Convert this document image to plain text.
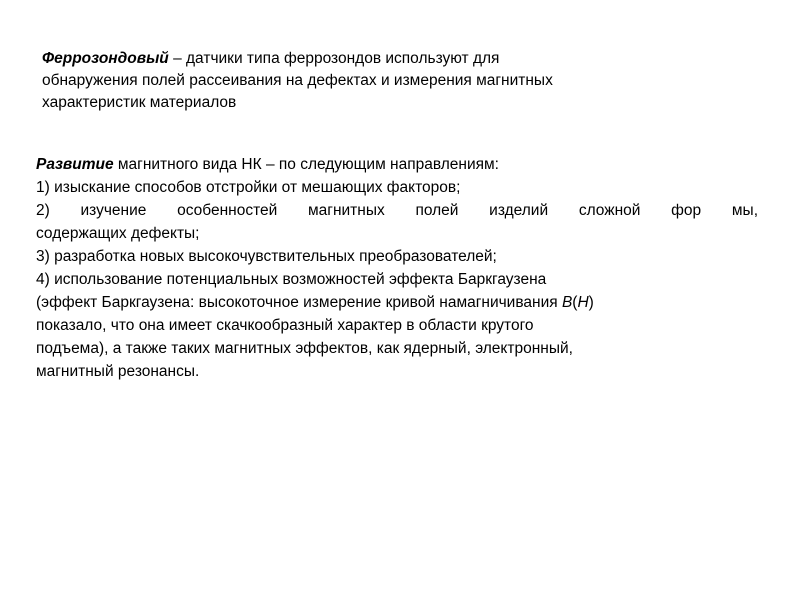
Феррозондовый – датчики типа феррозондов используют для
обнаружения полей рассеивания на дефектах и измерения магнитных
характеристик материалов

Развитие магнитного вида НК – по следующим направлениям:
1) изыскание способов отстройки от мешающих факторов;
2) изучение особенностей магнитных полей изделий сложной фор мы,
содержащих дефекты;
3) разработка новых высокочувствительных преобразователей;
4) использование потенциальных возможностей эффекта Баркгаузена
(эффект Баркгаузена: высокоточное измерение кривой намагничивания B(H)
показало, что она имеет скачкообразный характер в области крутого
подъема), а также таких магнитных эффектов, как ядерный, электронный,
магнитный резонансы.
